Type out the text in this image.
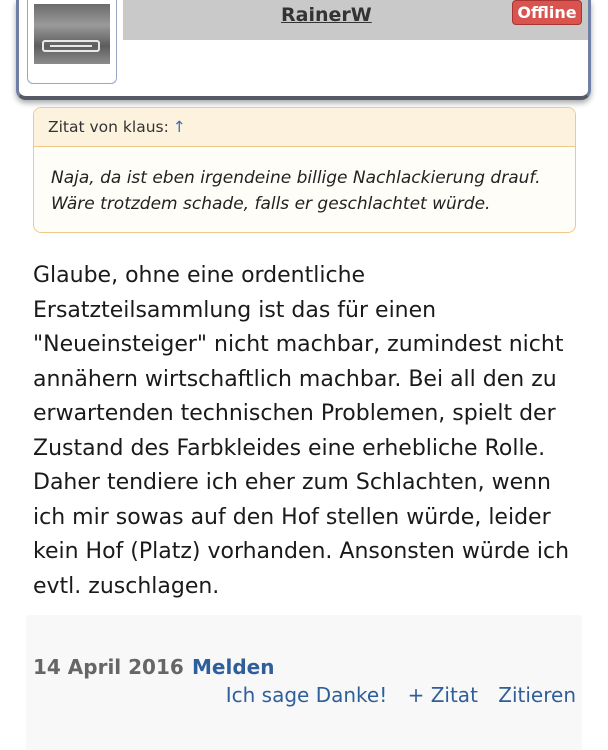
RainerW	Offline
Zitat von klaus: ↑
Naja, da ist eben irgendeine billige Nachlackierung drauf.
Wäre trotzdem schade, falls er geschlachtet würde.
Glaube, ohne eine ordentliche
Ersatzteilsammlung ist das für einen
"Neueinsteiger" nicht machbar, zumindest nicht
annähern wirtschaftlich machbar. Bei all den zu
erwartenden technischen Problemen, spielt der
Zustand des Farbkleides eine erhebliche Rolle.
Daher tendiere ich eher zum Schlachten, wenn
ich mir sowas auf den Hof stellen würde, leider
kein Hof (Platz) vorhanden. Ansonsten würde ich
evtl. zuschlagen.
14 April 2016 Melden
Ich sage Danke! + Zitat Zitieren
